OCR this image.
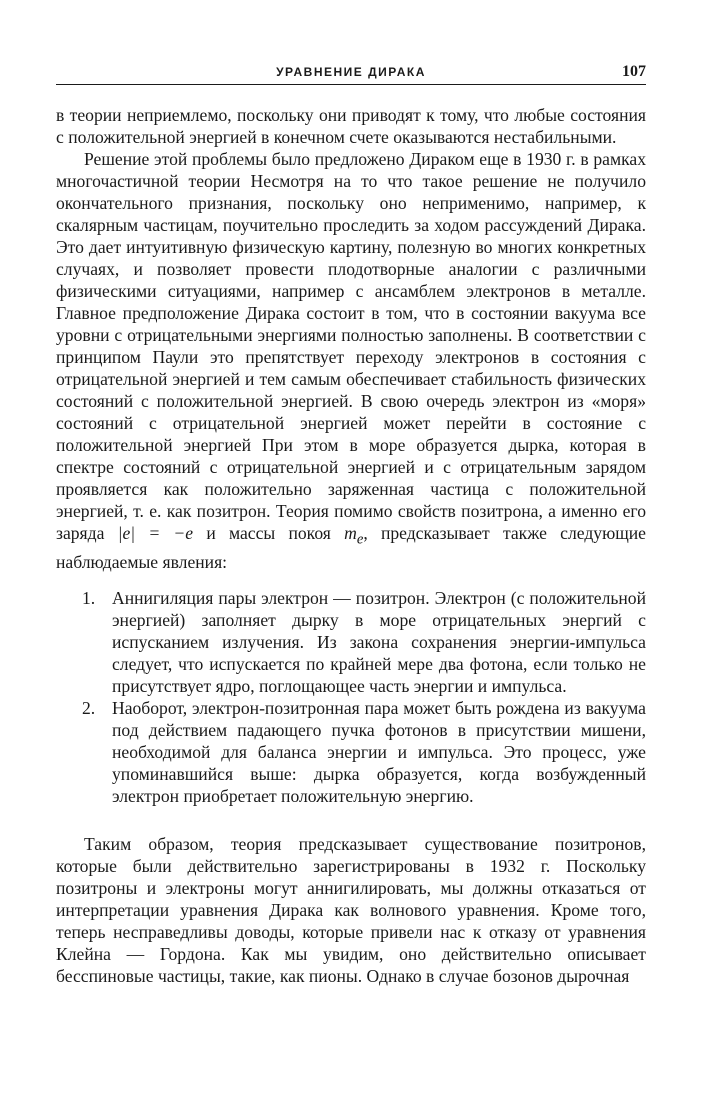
УРАВНЕНИЕ ДИРАКА	107

в теории неприемлемо, поскольку они приводят к тому, что любые состояния с положительной энергией в конечном счете оказываются нестабильными.

Решение этой проблемы было предложено Дираком еще в 1930 г. в рамках многочастичной теории Несмотря на то что такое решение не получило окончательного признания, поскольку оно неприменимо, например, к скалярным частицам, поучительно проследить за ходом рассуждений Дирака. Это дает интуитивную физическую картину, полезную во многих конкретных случаях, и позволяет провести плодотворные аналогии с различными физическими ситуациями, например с ансамблем электронов в металле. Главное предположение Дирака состоит в том, что в состоянии вакуума все уровни с отрицательными энергиями полностью заполнены. В соответствии с принципом Паули это препятствует переходу электронов в состояния с отрицательной энергией и тем самым обеспечивает стабильность физических состояний с положительной энергией. В свою очередь электрон из «моря» состояний с отрицательной энергией может перейти в состояние с положительной энергией При этом в море образуется дырка, которая в спектре состояний с отрицательной энергией и с отрицательным зарядом проявляется как положительно заряженная частица с положительной энергией, т. е. как позитрон. Теория помимо свойств позитрона, а именно его заряда |e| = −e и массы покоя $m_e$, предсказывает также следующие наблюдаемые явления:

1. Аннигиляция пары электрон — позитрон. Электрон (с положительной энергией) заполняет дырку в море отрицательных энергий с испусканием излучения. Из закона сохранения энергии-импульса следует, что испускается по крайней мере два фотона, если только не присутствует ядро, поглощающее часть энергии и импульса.
2. Наоборот, электрон-позитронная пара может быть рождена из вакуума под действием падающего пучка фотонов в присутствии мишени, необходимой для баланса энергии и импульса. Это процесс, уже упоминавшийся выше: дырка образуется, когда возбужденный электрон приобретает положительную энергию.

Таким образом, теория предсказывает существование позитронов, которые были действительно зарегистрированы в 1932 г. Поскольку позитроны и электроны могут аннигилировать, мы должны отказаться от интерпретации уравнения Дирака как волнового уравнения. Кроме того, теперь несправедливы доводы, которые привели нас к отказу от уравнения Клейна — Гордона. Как мы увидим, оно действительно описывает бесспиновые частицы, такие, как пионы. Однако в случае бозонов дырочная
